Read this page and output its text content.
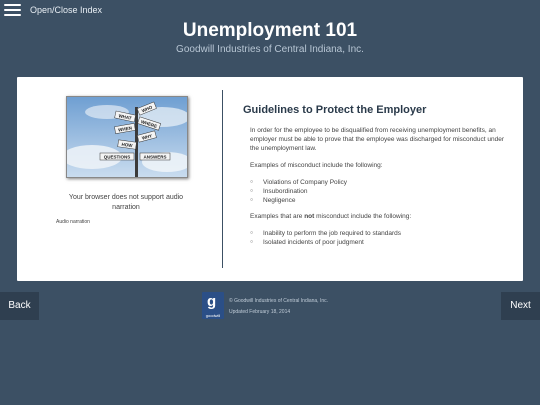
Open/Close Index
Unemployment 101
Goodwill Industries of Central Indiana, Inc.
WHO
WHAT
WHERE
WHEN
WHY
HOW
QUESTIONS	ANSWERS
Your browser does not support audio narration
Audio narration
Guidelines to Protect the Employer

In order for the employee to be disqualified from receiving unemployment benefits, an employer must be able to prove that the employee was discharged for misconduct under the unemployment law.

Examples of misconduct include the following:

○ Violations of Company Policy
○ Insubordination
○ Negligence

Examples that are not misconduct include the following:

○ Inability to perform the job required to standards
○ Isolated incidents of poor judgment
Back	Next
g
goodwill
© Goodwill Industries of Central Indiana, Inc.
Updated February 18, 2014
